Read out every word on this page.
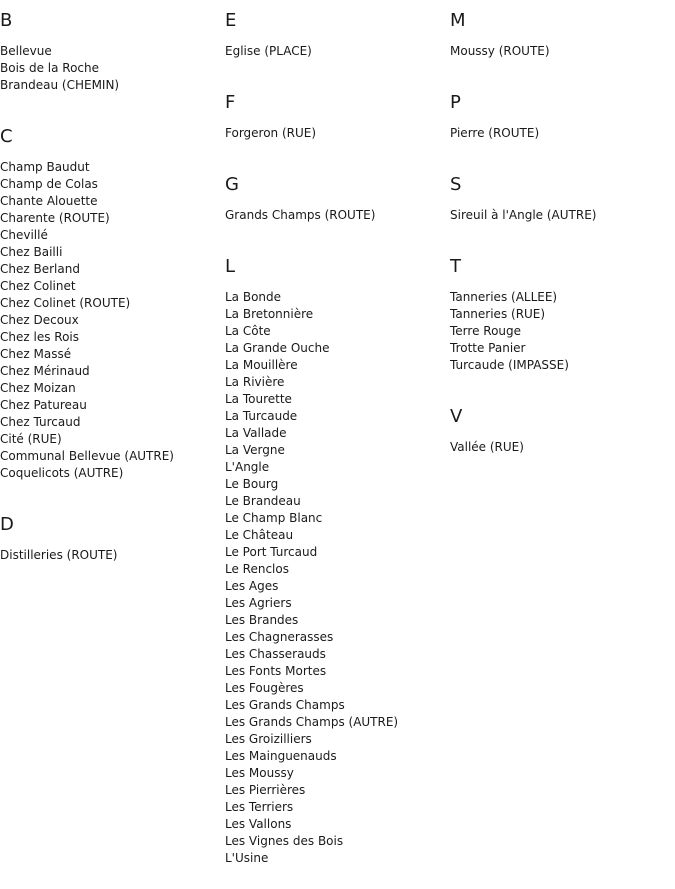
B
Bellevue
Bois de la Roche
Brandeau (CHEMIN)
C
Champ Baudut
Champ de Colas
Chante Alouette
Charente (ROUTE)
Chevillé
Chez Bailli
Chez Berland
Chez Colinet
Chez Colinet (ROUTE)
Chez Decoux
Chez les Rois
Chez Massé
Chez Mérinaud
Chez Moizan
Chez Patureau
Chez Turcaud
Cité (RUE)
Communal Bellevue (AUTRE)
Coquelicots (AUTRE)
D
Distilleries (ROUTE)
E
Eglise (PLACE)
F
Forgeron (RUE)
G
Grands Champs (ROUTE)
L
La Bonde
La Bretonnière
La Côte
La Grande Ouche
La Mouillère
La Rivière
La Tourette
La Turcaude
La Vallade
La Vergne
L'Angle
Le Bourg
Le Brandeau
Le Champ Blanc
Le Château
Le Port Turcaud
Le Renclos
Les Ages
Les Agriers
Les Brandes
Les Chagnerasses
Les Chasserauds
Les Fonts Mortes
Les Fougères
Les Grands Champs
Les Grands Champs (AUTRE)
Les Groizilliers
Les Mainguenauds
Les Moussy
Les Pierrières
Les Terriers
Les Vallons
Les Vignes des Bois
L'Usine
M
Moussy (ROUTE)
P
Pierre (ROUTE)
S
Sireuil à l'Angle (AUTRE)
T
Tanneries (ALLEE)
Tanneries (RUE)
Terre Rouge
Trotte Panier
Turcaude (IMPASSE)
V
Vallée (RUE)
